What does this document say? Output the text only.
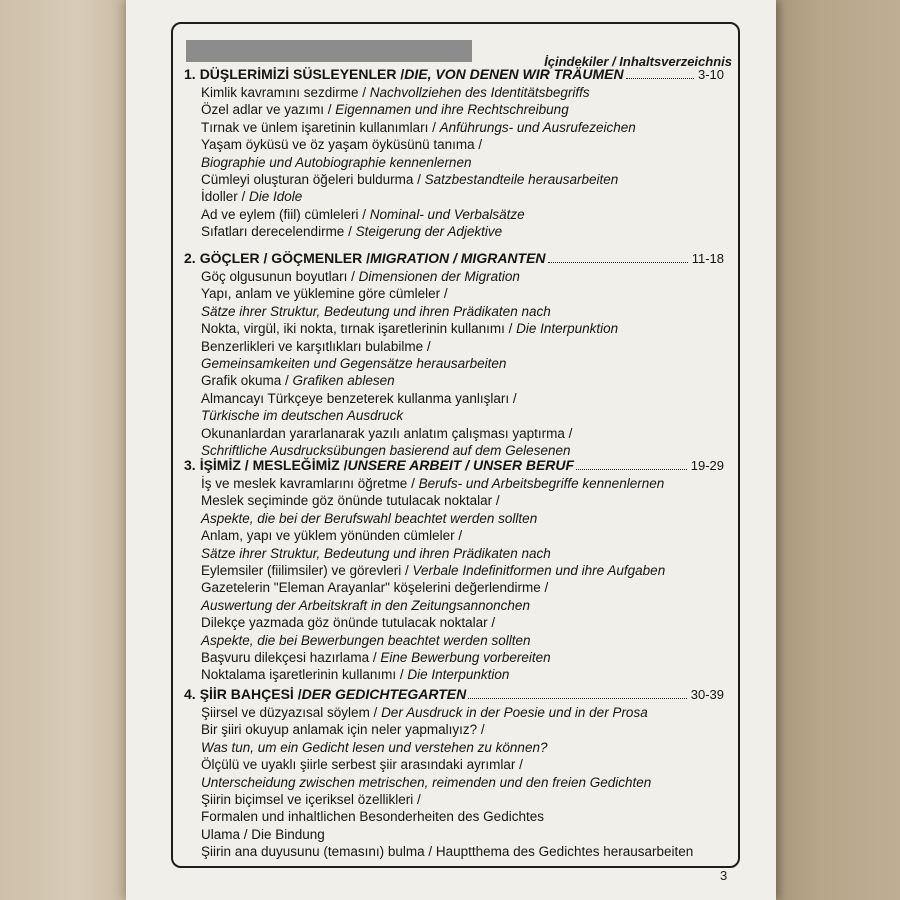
İçindekiler / Inhaltsverzeichnis
1. DÜŞLERİMİZİ SÜSLEYENLER / DIE, VON DENEN WIR TRÄUMEN	3-10
Kimlik kavramını sezdirme / Nachvollziehen des Identitätsbegriffs
Özel adlar ve yazımı / Eigennamen und ihre Rechtschreibung
Tırnak ve ünlem işaretinin kullanımları / Anführungs- und Ausrufezeichen
Yaşam öyküsü ve öz yaşam öyküsünü tanıma /
Biographie und Autobiographie kennenlernen
Cümleyi oluşturan öğeleri buldurma / Satzbestandteile herausarbeiten
İdoller / Die Idole
Ad ve eylem (fiil) cümleleri / Nominal- und Verbalsätze
Sıfatları derecelendirme / Steigerung der Adjektive
2. GÖÇLER / GÖÇMENLER / MIGRATION / MIGRANTEN	11-18
Göç olgusunun boyutları / Dimensionen der Migration
Yapı, anlam ve yüklemine göre cümleler /
Sätze ihrer Struktur, Bedeutung und ihren Prädikaten nach
Nokta, virgül, iki nokta, tırnak işaretlerinin kullanımı / Die Interpunktion
Benzerlikleri ve karşıtlıkları bulabilme /
Gemeinsamkeiten und Gegensätze herausarbeiten
Grafik okuma / Grafiken ablesen
Almancayı Türkçeye benzeterek kullanma yanlışları /
Türkische im deutschen Ausdruck
Okunanlardan yararlanarak yazılı anlatım çalışması yaptırma /
Schriftliche Ausdrucksübungen basierend auf dem Gelesenen
3. İŞİMİZ / MESLEĞİMİZ / UNSERE ARBEIT / UNSER BERUF	19-29
İş ve meslek kavramlarını öğretme / Berufs- und Arbeitsbegriffe kennenlernen
Meslek seçiminde göz önünde tutulacak noktalar /
Aspekte, die bei der Berufswahl beachtet werden sollten
Anlam, yapı ve yüklem yönünden cümleler /
Sätze ihrer Struktur, Bedeutung und ihren Prädikaten nach
Eylemsiler (fiilimsiler) ve görevleri / Verbale Indefinitformen und ihre Aufgaben
Gazetelerin "Eleman Arayanlar" köşelerini değerlendirme /
Auswertung der Arbeitskraft in den Zeitungsannonchen
Dilekçe yazmada göz önünde tutulacak noktalar /
Aspekte, die bei Bewerbungen beachtet werden sollten
Başvuru dilekçesi hazırlama / Eine Bewerbung vorbereiten
Noktalama işaretlerinin kullanımı / Die Interpunktion
4. ŞİİR BAHÇESİ / DER GEDICHTEGARTEN	30-39
Şiirsel ve düzyazısal söylem / Der Ausdruck in der Poesie und in der Prosa
Bir şiiri okuyup anlamak için neler yapmalıyız? /
Was tun, um ein Gedicht lesen und verstehen zu können?
Ölçülü ve uyaklı şiirle serbest şiir arasındaki ayrımlar /
Unterscheidung zwischen metrischen, reimenden und den freien Gedichten
Şiirin biçimsel ve içeriksel özellikleri /
Formalen und inhaltlichen Besonderheiten des Gedichtes
Ulama / Die Bindung
Şiirin ana duyusunu (temasını) bulma / Hauptthema des Gedichtes herausarbeiten
3
